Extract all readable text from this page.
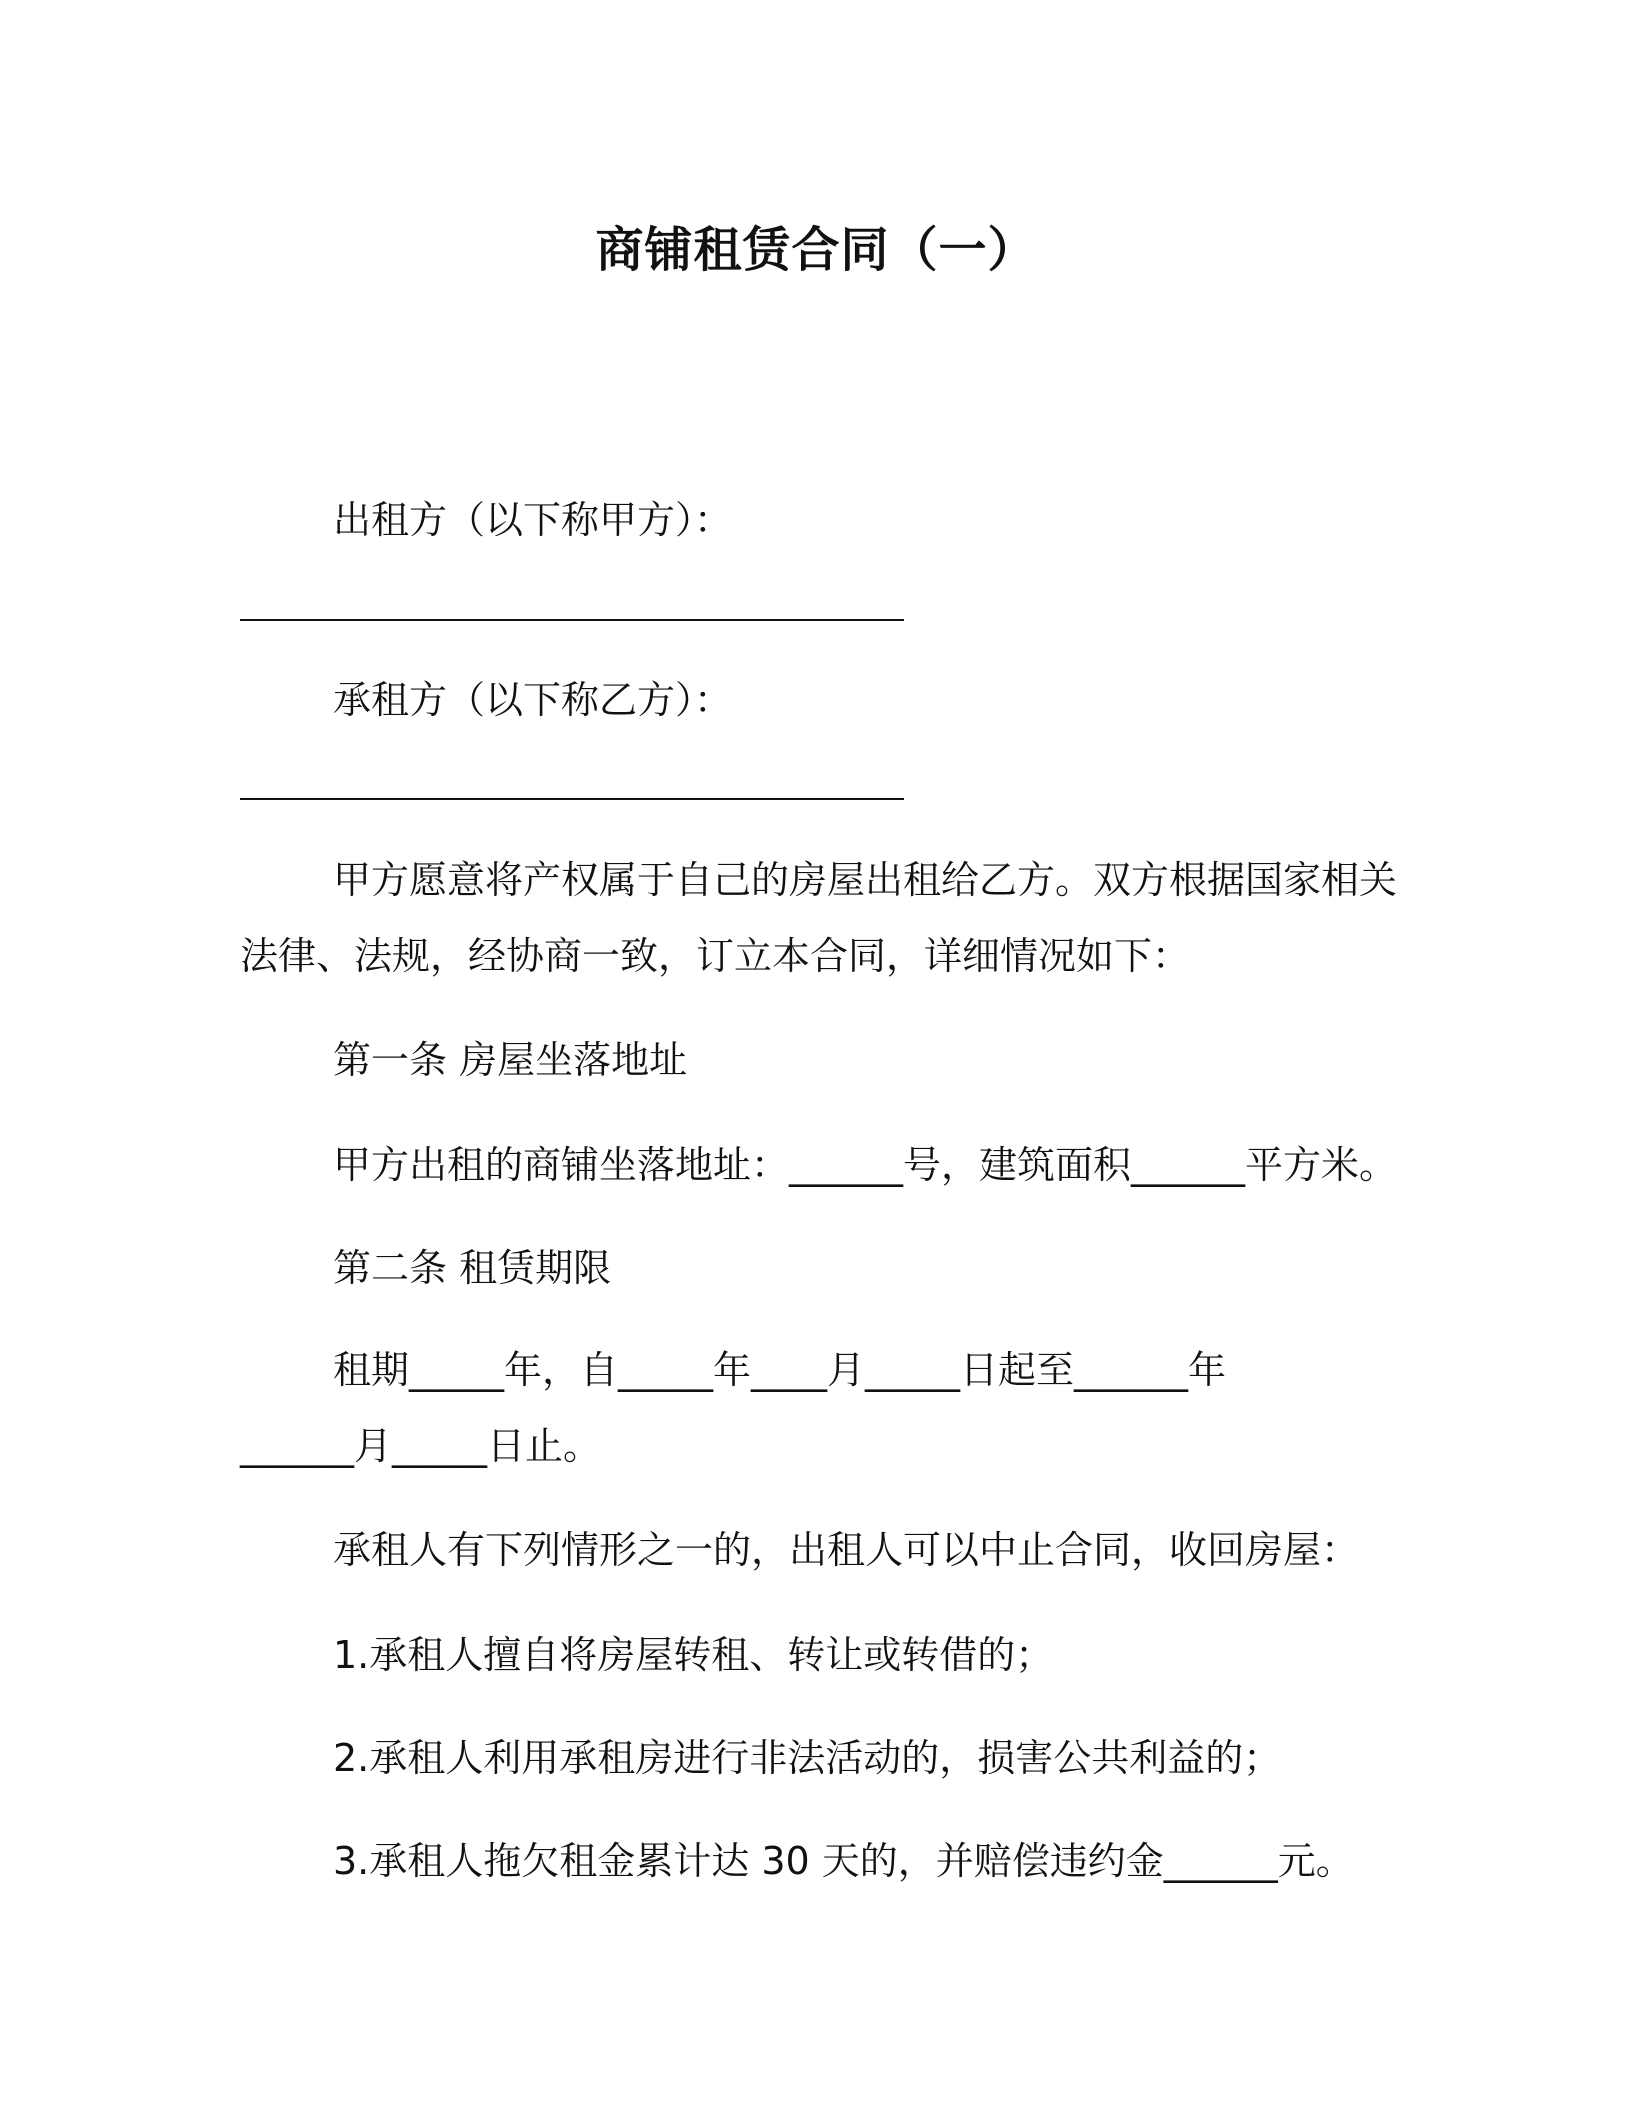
商铺租赁合同（一）
出租方（以下称甲方）：
承租方（以下称乙方）：
甲方愿意将产权属于自己的房屋出租给乙方。双方根据国家相关
法律、法规，经协商一致，订立本合同，详细情况如下：
第一条 房屋坐落地址
甲方出租的商铺坐落地址：______号，建筑面积______平方米。
第二条 租赁期限
租期_____年，自_____年____月_____日起至______年
______月_____日止。
承租人有下列情形之一的，出租人可以中止合同，收回房屋：
1.承租人擅自将房屋转租、转让或转借的；
2.承租人利用承租房进行非法活动的，损害公共利益的；
3.承租人拖欠租金累计达 30 天的，并赔偿违约金______元。
